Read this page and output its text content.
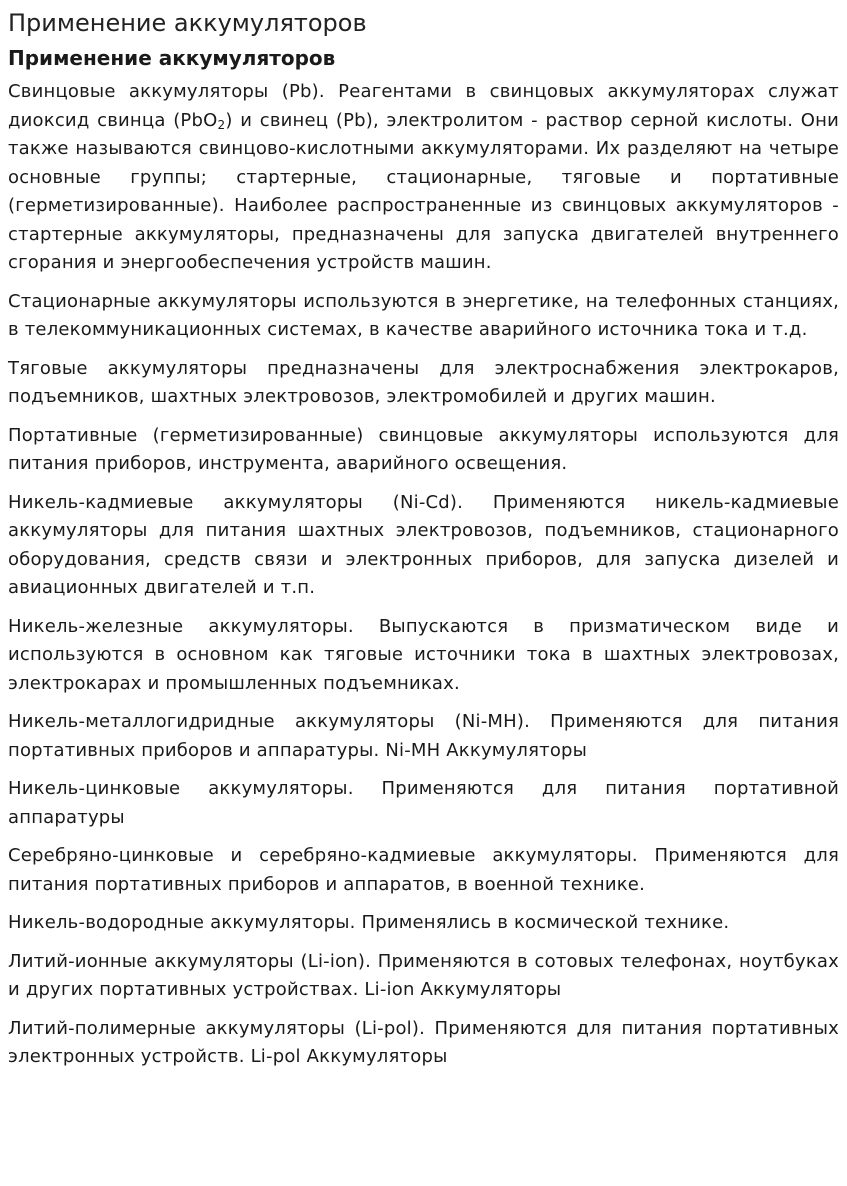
Применение аккумуляторов
Применение аккумуляторов

Свинцовые аккумуляторы (Pb). Реагентами в свинцовых аккумуляторах служат диоксид свинца (PbO$_2$) и свинец (Pb), электролитом - раствор серной кислоты. Они также называются свинцово-кислотными аккумуляторами. Их разделяют на четыре основные группы; стартерные, стационарные, тяговые и портативные (герметизированные). Наиболее распространенные из свинцовых аккумуляторов - стартерные аккумуляторы, предназначены для запуска двигателей внутреннего сгорания и энергообеспечения устройств машин.

Стационарные аккумуляторы используются в энергетике, на телефонных станциях, в телекоммуникационных системах, в качестве аварийного источника тока и т.д.

Тяговые аккумуляторы предназначены для электроснабжения электрокаров, подъемников, шахтных электровозов, электромобилей и других машин.

Портативные (герметизированные) свинцовые аккумуляторы используются для питания приборов, инструмента, аварийного освещения.

Никель-кадмиевые аккумуляторы (Ni-Cd). Применяются никель-кадмиевые аккумуляторы для питания шахтных электровозов, подъемников, стационарного оборудования, средств связи и электронных приборов, для запуска дизелей и авиационных двигателей и т.п.

Никель-железные аккумуляторы. Выпускаются в призматическом виде и используются в основном как тяговые источники тока в шахтных электровозах, электрокарах и промышленных подъемниках.

Никель-металлогидридные аккумуляторы (Ni-MH). Применяются для питания портативных приборов и аппаратуры. Ni-MH Аккумуляторы

Никель-цинковые аккумуляторы. Применяются для питания портативной аппаратуры

Серебряно-цинковые и серебряно-кадмиевые аккумуляторы. Применяются для питания портативных приборов и аппаратов, в военной технике.

Никель-водородные аккумуляторы. Применялись в космической технике.

Литий-ионные аккумуляторы (Li-ion). Применяются в сотовых телефонах, ноутбуках и других портативных устройствах. Li-ion Аккумуляторы

Литий-полимерные аккумуляторы (Li-pol). Применяются для питания портативных электронных устройств. Li-pol Аккумуляторы
